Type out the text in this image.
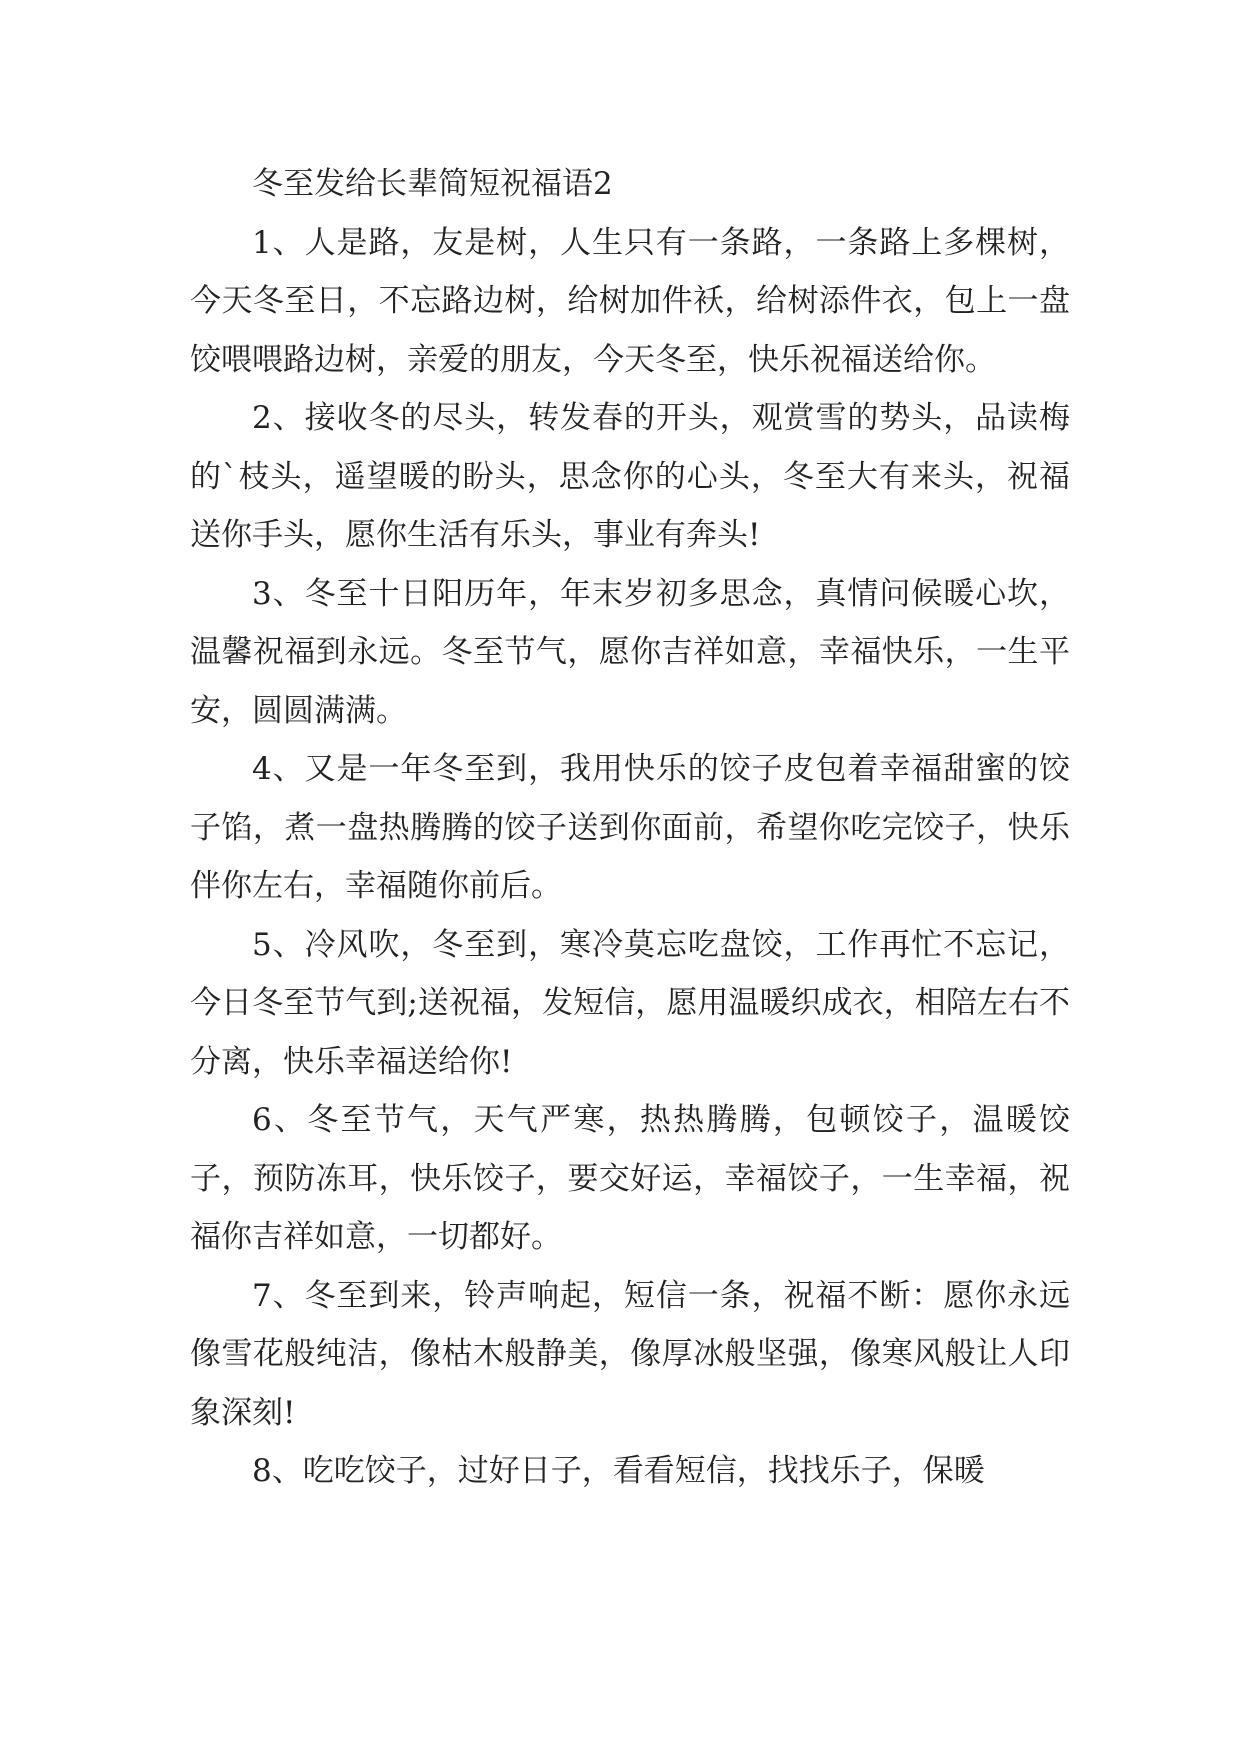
冬至发给长辈简短祝福语2

1、人是路，友是树，人生只有一条路，一条路上多棵树，今天冬至日，不忘路边树，给树加件袄，给树添件衣，包上一盘饺喂喂路边树，亲爱的朋友，今天冬至，快乐祝福送给你。

2、接收冬的尽头，转发春的开头，观赏雪的势头，品读梅的`枝头，遥望暖的盼头，思念你的心头，冬至大有来头，祝福送你手头，愿你生活有乐头，事业有奔头!

3、冬至十日阳历年，年末岁初多思念，真情问候暖心坎，温馨祝福到永远。冬至节气，愿你吉祥如意，幸福快乐，一生平安，圆圆满满。

4、又是一年冬至到，我用快乐的饺子皮包着幸福甜蜜的饺子馅，煮一盘热腾腾的饺子送到你面前，希望你吃完饺子，快乐伴你左右，幸福随你前后。

5、冷风吹，冬至到，寒冷莫忘吃盘饺，工作再忙不忘记，今日冬至节气到;送祝福，发短信，愿用温暖织成衣，相陪左右不分离，快乐幸福送给你!

6、冬至节气，天气严寒，热热腾腾，包顿饺子，温暖饺子，预防冻耳，快乐饺子，要交好运，幸福饺子，一生幸福，祝福你吉祥如意，一切都好。

7、冬至到来，铃声响起，短信一条，祝福不断：愿你永远像雪花般纯洁，像枯木般静美，像厚冰般坚强，像寒风般让人印象深刻!

8、吃吃饺子，过好日子，看看短信，找找乐子，保暖
